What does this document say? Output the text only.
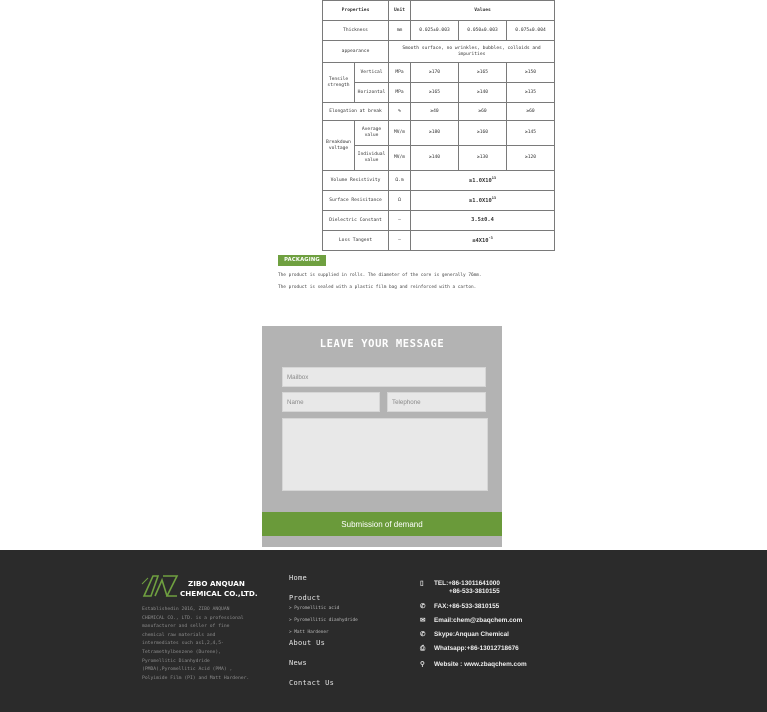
Properties		Unit	Values		
Thickness		mm	0.025±0.003	0.050±0.003	0.075±0.004
appearance		Smooth surface, no wrinkles, bubbles, colloids and impurities			
Tensile strength	Vertical	MPa	≥170	≥165	≥150
	Horizontal	MPa	≥165	≥140	≥135
Elongation at break		%	≥40	≥60	≥60
Breakdown voltage	Average value	MV/m	≥180	≥160	≥145
	Individual value	MV/m	≥140	≥130	≥120
Volume Resistivity		Ω.m	$\ge 1.0X10^{13}$
Surface Resisitance		Ω	$\ge 1.0X10^{13}$
Dielectric Constant		—	3.5±0.4		
Loss Tangent		—	$\le 4X10^{-3}$
PACKAGING
The product is supplied in rolls. The diameter of the core is generally 76mm.
The product is sealed with a plastic film bag and reinforced with a carton.
LEAVE YOUR MESSAGE
Mailbox
Name
Telephone
Submission of demand
ZIBO ANQUAN
CHEMICAL CO.,LTD.
Establishedin 2016, ZIBO ANQUAN
CHEMICAL CO., LTD. is a professional
manufacturer and seller of fine
chemical raw materials and
intermediates such as1,2,4,5-
Tetramethylbenzene (Durene),
Pyromellitic Dianhydride
(PMDA),Pyromellitic Acid (PMA) ,
Polyimide Film (PI) and Matt Hardener.
Home
Product
> Pyromellitic acid
> Pyromellitic dianhydride
> Matt Hardener
About Us
News
Contact Us
▯ TEL:+86-13011641000
+86-533-3810155
✆ FAX:+86-533-3810155
✉ Email:chem@zbaqchem.com
✆ Skype:Anquan Chemical
⎙ Whatsapp:+86-13012718676
⚲ Website : www.zbaqchem.com
